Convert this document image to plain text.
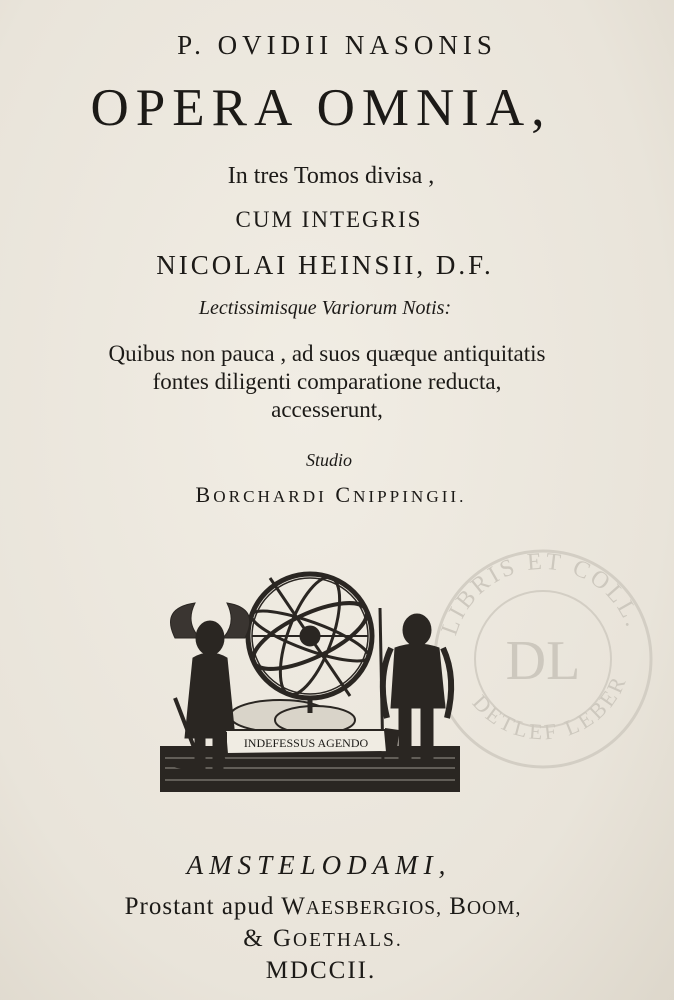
P. OVIDII NASONIS
OPERA OMNIA,
In tres Tomos divisa ,
CUM INTEGRIS
NICOLAI HEINSII, D.F.
Lectissimisque Variorum Notis:
Quibus non pauca , ad suos quæque antiquitatis
fontes diligenti comparatione reducta,
accesserunt,
Studio
BORCHARDI CNIPPINGII.
LIBRIS ET COLL.
DETLEF LEBER
DL
INDEFESSUS AGENDO
AMSTELODAMI,
Prostant apud WAESBERGIOS, BOOM,
& GOETHALS.
MDCCII.
